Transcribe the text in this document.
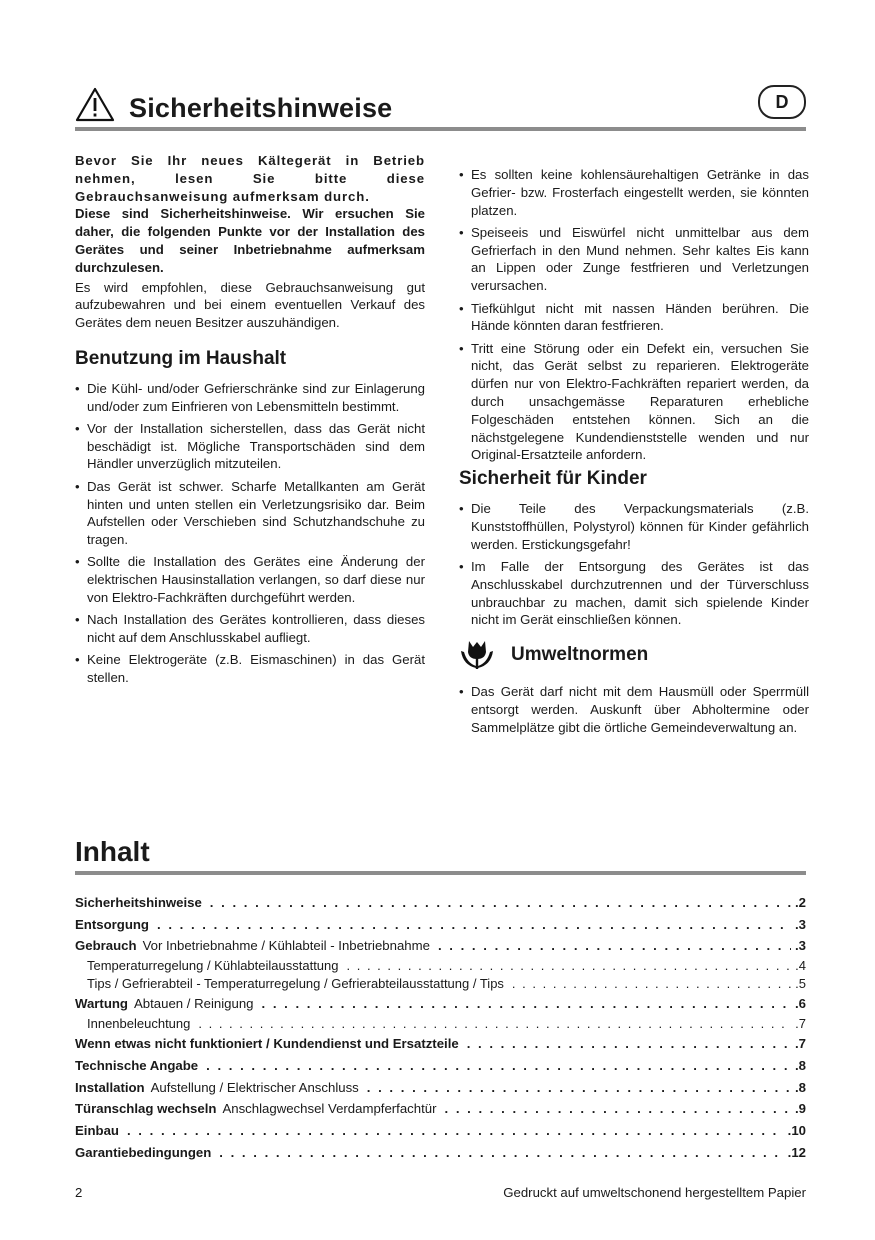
Sicherheitshinweise	D

Bevor Sie Ihr neues Kältegerät in Betrieb nehmen, lesen Sie bitte diese Gebrauchsanweisung aufmerksam durch.

Diese sind Sicherheitshinweise. Wir ersuchen Sie daher, die folgenden Punkte vor der Installation des Gerätes und seiner Inbetriebnahme aufmerksam durchzulesen.

Es wird empfohlen, diese Gebrauchsanweisung gut aufzubewahren und bei einem eventuellen Verkauf des Gerätes dem neuen Besitzer auszuhändigen.

Benutzung im Haushalt
• Die Kühl- und/oder Gefrierschränke sind zur Einlagerung und/oder zum Einfrieren von Lebensmitteln bestimmt.
• Vor der Installation sicherstellen, dass das Gerät nicht beschädigt ist. Mögliche Transportschäden sind dem Händler unverzüglich mitzuteilen.
• Das Gerät ist schwer. Scharfe Metallkanten am Gerät hinten und unten stellen ein Verletzungsrisiko dar. Beim Aufstellen oder Verschieben sind Schutzhandschuhe zu tragen.
• Sollte die Installation des Gerätes eine Änderung der elektrischen Hausinstallation verlangen, so darf diese nur von Elektro-Fachkräften durchgeführt werden.
• Nach Installation des Gerätes kontrollieren, dass dieses nicht auf dem Anschlusskabel aufliegt.
• Keine Elektrogeräte (z.B. Eismaschinen) in das Gerät stellen.
• Es sollten keine kohlensäurehaltigen Getränke in das Gefrier- bzw. Frosterfach eingestellt werden, sie könnten platzen.
• Speiseeis und Eiswürfel nicht unmittelbar aus dem Gefrierfach in den Mund nehmen. Sehr kaltes Eis kann an Lippen oder Zunge festfrieren und Verletzungen verursachen.
• Tiefkühlgut nicht mit nassen Händen berühren. Die Hände könnten daran festfrieren.
• Tritt eine Störung oder ein Defekt ein, versuchen Sie nicht, das Gerät selbst zu reparieren. Elektrogeräte dürfen nur von Elektro-Fachkräften repariert werden, da durch unsachgemässe Reparaturen erhebliche Folgeschäden entstehen können. Sich an die nächstgelegene Kundendienststelle wenden und nur Original-Ersatzteile anfordern.
Sicherheit für Kinder
• Die Teile des Verpackungsmaterials (z.B. Kunststoffhüllen, Polystyrol) können für Kinder gefährlich werden. Erstickungsgefahr!
• Im Falle der Entsorgung des Gerätes ist das Anschlusskabel durchzutrennen und der Türverschluss unbrauchbar zu machen, damit sich spielende Kinder nicht im Gerät einschließen können.
Umweltnormen
• Das Gerät darf nicht mit dem Hausmüll oder Sperrmüll entsorgt werden. Auskunft über Abholtermine oder Sammelplätze gibt die örtliche Gemeindeverwaltung an.
Inhalt
Sicherheitshinweise . . .	.2
Entsorgung . . .	.3
Gebrauch Vor Inbetriebnahme / Kühlabteil - Inbetriebnahme . . .	.3
Temperaturregelung / Kühlabteilausstattung . . .	.4
Tips / Gefrierabteil - Temperaturregelung / Gefrierabteilausstattung / Tips . . .	.5
Wartung Abtauen / Reinigung . . .	.6
Innenbeleuchtung . . .	.7
Wenn etwas nicht funktioniert / Kundendienst und Ersatzteile . . .	.7
Technische Angabe . . .	.8
Installation Aufstellung / Elektrischer Anschluss . . .	.8
Türanschlag wechseln Anschlagwechsel Verdampferfachtür . . .	.9
Einbau . . .	.10
Garantiebedingungen . . .	.12
2	Gedruckt auf umweltschonend hergestelltem Papier
